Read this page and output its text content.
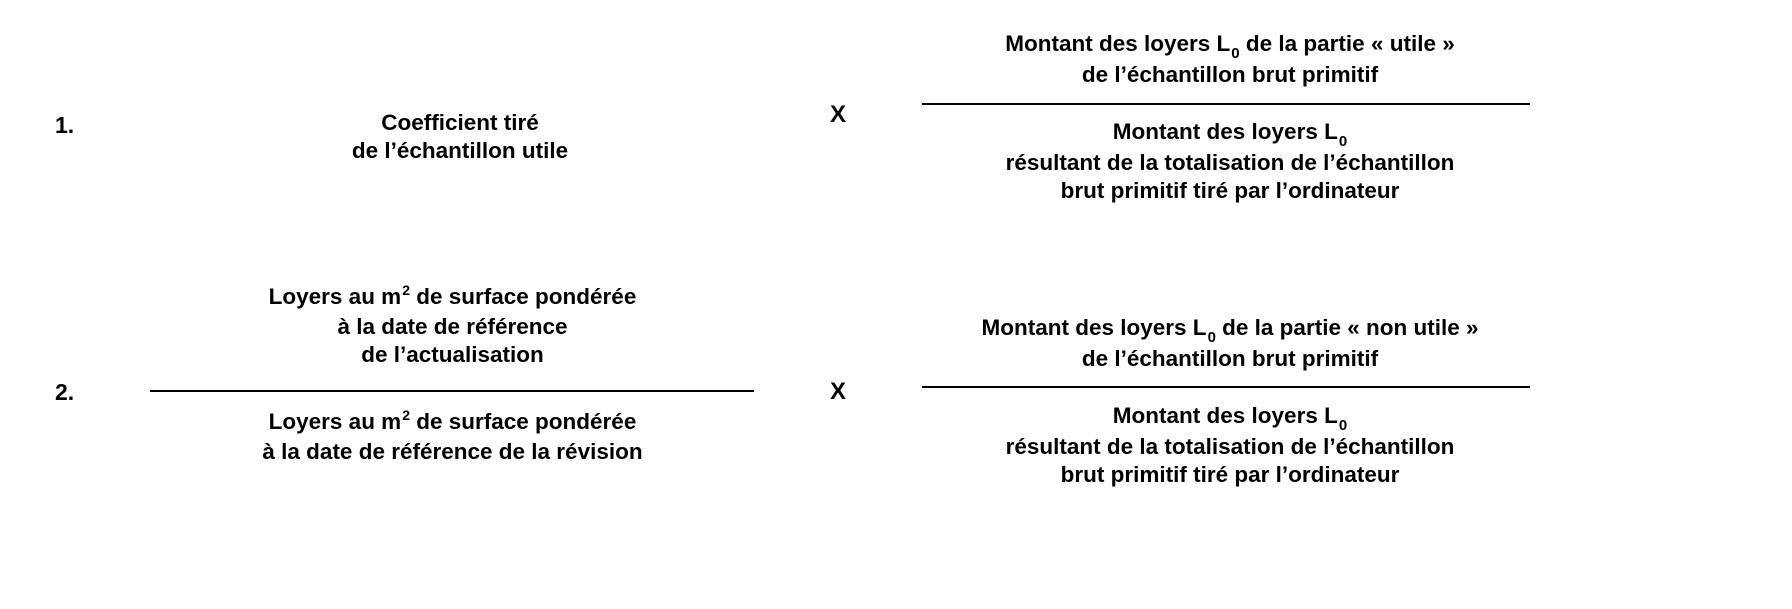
1.	Coefficient tiré
de l’échantillon utile
X
Montant des loyers $L_0$ de la partie « utile »
de l’échantillon brut primitif
Montant des loyers $L_0$
résultant de la totalisation de l’échantillon
brut primitif tiré par l’ordinateur
2.
Loyers au $m^2$ de surface pondérée
à la date de référence
de l’actualisation
Loyers au $m^2$ de surface pondérée
à la date de référence de la révision
X
Montant des loyers $L_0$ de la partie « non utile »
de l’échantillon brut primitif
Montant des loyers $L_0$
résultant de la totalisation de l’échantillon
brut primitif tiré par l’ordinateur
